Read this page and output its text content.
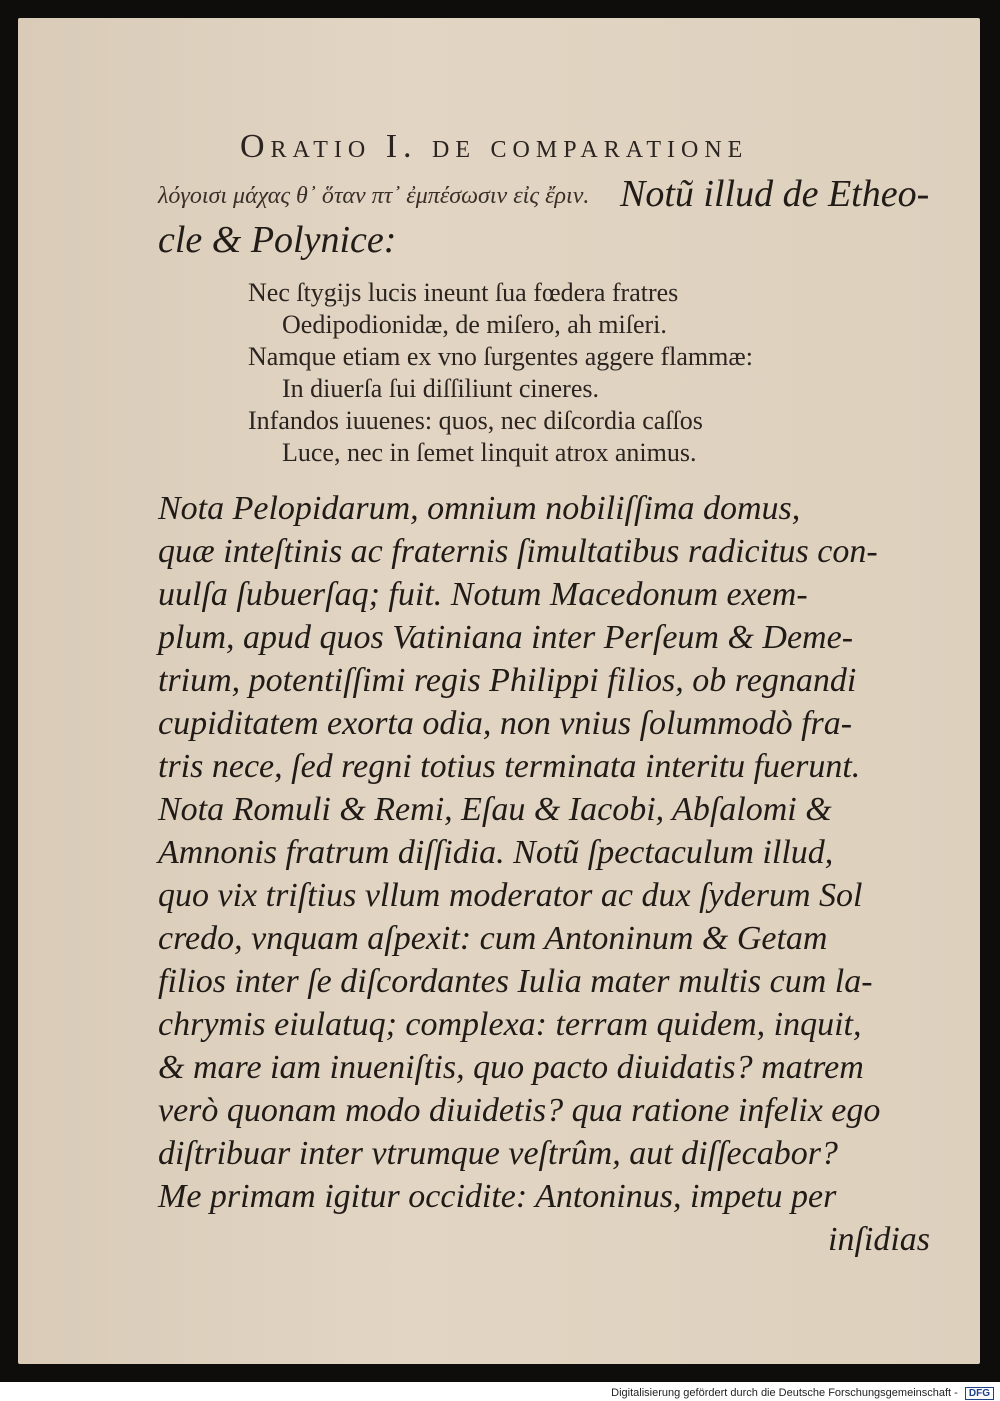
Oratio I. de comparatione
λόγοισι μάχας θ᾽ ὅταν πτ᾽ ἐμπέσωσιν εἰς ἔριν. Notũ illud de Etheo-
cle & Polynice:
Nec ſtygijs lucis ineunt ſua fœdera fratres
Oedipodionidæ, de miſero, ah miſeri.
Namque etiam ex vno ſurgentes aggere flammæ:
In diuerſa ſui diſſiliunt cineres.
Infandos iuuenes: quos, nec diſcordia caſſos
Luce, nec in ſemet linquit atrox animus.
Nota Pelopidarum, omnium nobiliſſima domus,
quæ inteſtinis ac fraternis ſimultatibus radicitus con-
uulſa ſubuerſaq; fuit. Notum Macedonum exem-
plum, apud quos Vatiniana inter Perſeum & Deme-
trium, potentiſſimi regis Philippi filios, ob regnandi
cupiditatem exorta odia, non vnius ſolummodò fra-
tris nece, ſed regni totius terminata interitu fuerunt.
Nota Romuli & Remi, Eſau & Iacobi, Abſalomi &
Amnonis fratrum diſſidia. Notũ ſpectaculum illud,
quo vix triſtius vllum moderator ac dux ſyderum Sol
credo, vnquam aſpexit: cum Antoninum & Getam
filios inter ſe diſcordantes Iulia mater multis cum la-
chrymis eiulatuq; complexa: terram quidem, inquit,
& mare iam inueniſtis, quo pacto diuidatis? matrem
verò quonam modo diuidetis? qua ratione infelix ego
diſtribuar inter vtrumque veſtrûm, aut diſſecabor?
Me primam igitur occidite: Antoninus, impetu per
inſidias
Digitalisierung gefördert durch die Deutsche Forschungsgemeinschaft - DFG
